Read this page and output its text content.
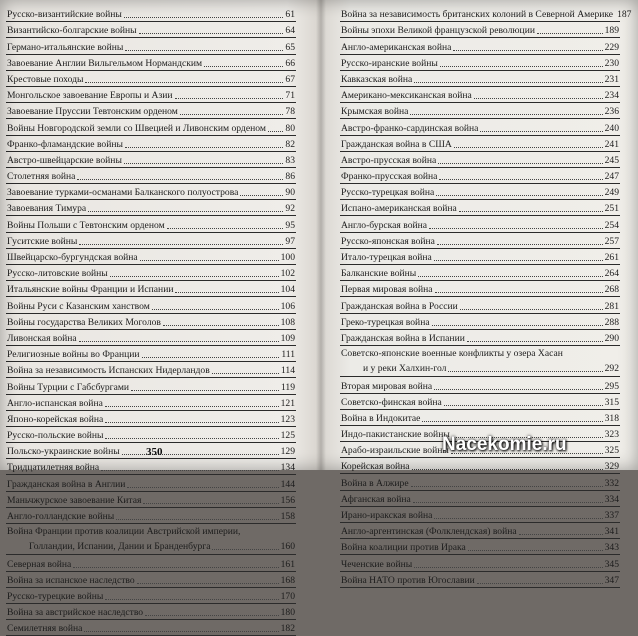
Русско-византийские войны	61
Византийско-болгарские войны	64
Германо-итальянские войны	65
Завоевание Англии Вильгельмом Нормандским	66
Крестовые походы	67
Монгольское завоевание Европы и Азии	71
Завоевание Пруссии Тевтонским орденом	78
Войны Новгородской земли со Швецией и Ливонским орденом 80
Франко-фламандские войны	82
Австро-швейцарские войны	83
Столетняя война	86
Завоевание турками-османами Балканского полуострова	90
Завоевания Тимура	92
Войны Польши с Тевтонским орденом	95
Гуситские войны	97
Швейцарско-бургундская война	100
Русско-литовские войны	102
Итальянские войны Франции и Испании	104
Войны Руси с Казанским ханством	106
Войны государства Великих Моголов	108
Ливонская война	109
Религиозные войны во Франции	111
Война за независимость Испанских Нидерландов	114
Войны Турции с Габсбургами	119
Англо-испанская война	121
Японо-корейская война	123
Русско-польские войны	125
Польско-украинские войны	129
Тридцатилетняя война	134
Гражданская война в Англии	144
Маньчжурское завоевание Китая	156
Англо-голландские войны	158
Война Франции против коалиции Австрийской империи,
Голландии, Испании, Дании и Бранденбурга	160
Северная война	161
Война за испанское наследство	168
Русско-турецкие войны	170
Война за австрийское наследство	180
Семилетняя война	182
Война за независимость британских колоний в Северной Америке 187
Войны эпохи Великой французской революции	189
Англо-американская война	229
Русско-иранские войны	230
Кавказская война	231
Американо-мексиканская война	234
Крымская война	236
Австро-франко-сардинская война	240
Гражданская война в США	241
Австро-прусская война	245
Франко-прусская война	247
Русско-турецкая война	249
Испано-американская война	251
Англо-бурская война	254
Русско-японская война	257
Итало-турецкая война	261
Балканские войны	264
Первая мировая война	268
Гражданская война в России	281
Греко-турецкая война	288
Гражданская война в Испании	290
Советско-японские военные конфликты у озера Хасан
и у реки Халхин-гол	292
Вторая мировая война	295
Советско-финская война	315
Война в Индокитае	318
Индо-пакистанские войны	323
Арабо-израильские войны	325
Корейская война	329
Война в Алжире	332
Афганская война	334
Ирано-иракская война	337
Англо-аргентинская (Фолклендская) война	341
Война коалиции против Ирака	343
Чеченские войны	345
Война НАТО против Югославии	347
350	Nacekomie.ru
